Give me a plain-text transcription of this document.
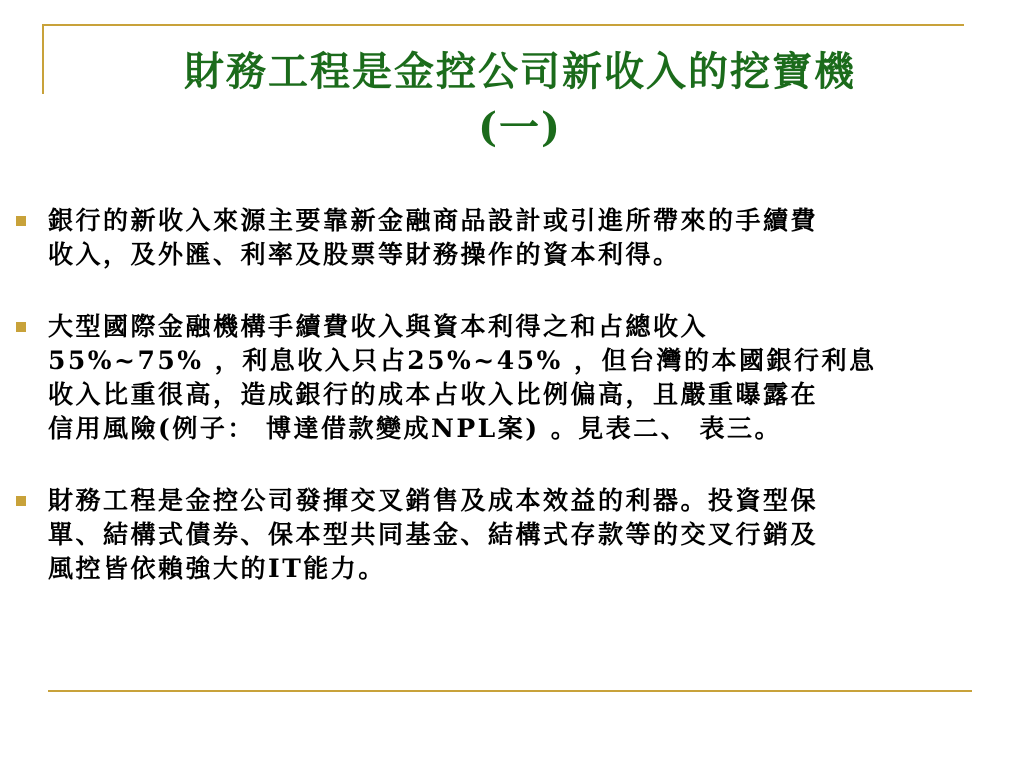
財務工程是金控公司新收入的挖寶機
(一)
銀行的新收入來源主要靠新金融商品設計或引進所帶來的手續費
收入，及外匯、利率及股票等財務操作的資本利得。
大型國際金融機構手續費收入與資本利得之和占總收入
55%~75% ，利息收入只占25%~45% ，但台灣的本國銀行利息
收入比重很高，造成銀行的成本占收入比例偏高，且嚴重曝露在
信用風險(例子： 博達借款變成NPL案) 。見表二、 表三。
財務工程是金控公司發揮交叉銷售及成本效益的利器。投資型保
單、結構式債券、保本型共同基金、結構式存款等的交叉行銷及
風控皆依賴強大的IT能力。
